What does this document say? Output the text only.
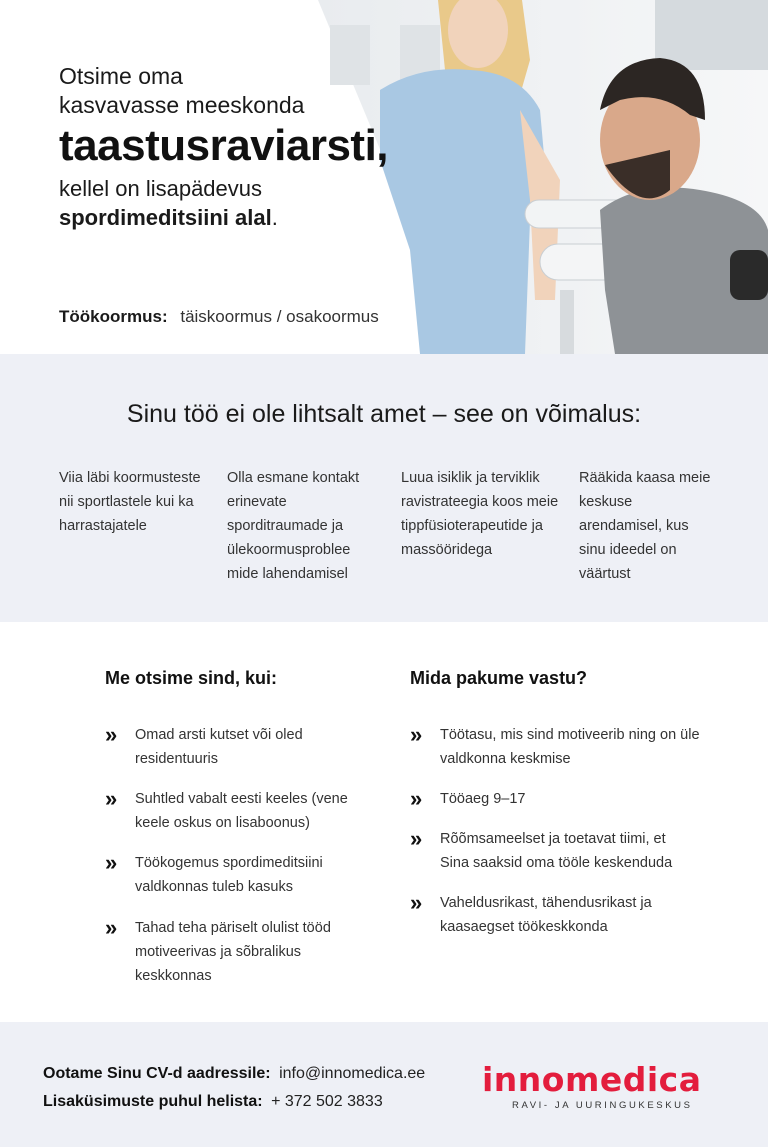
Otsime oma
kasvavasse meeskonda
taastusraviarsti,
kellel on lisapädevus
spordimeditsiini alal.
Töökoormus: täiskoormus / osakoormus
Sinu töö ei ole lihtsalt amet – see on võimalus:
Viia läbi koormusteste nii sportlastele kui ka harrastajatele
Olla esmane kontakt erinevate sporditraumade ja ülekoormusproblee mide lahendamisel
Luua isiklik ja terviklik ravistrateegia koos meie tippfüsioterapeutide ja massööridega
Rääkida kaasa meie keskuse arendamisel, kus sinu ideedel on väärtust
Me otsime sind, kui:
» Omad arsti kutset või oled residentuuris
» Suhtled vabalt eesti keeles (vene keele oskus on lisaboonus)
» Töökogemus spordimeditsiini valdkonnas tuleb kasuks
» Tahad teha päriselt olulist tööd motiveerivas ja sõbralikus keskkonnas
Mida pakume vastu?
» Töötasu, mis sind motiveerib ning on üle valdkonna keskmise
» Tööaeg 9–17
» Rõõmsameelset ja toetavat tiimi, et Sina saaksid oma tööle keskenduda
» Vaheldusrikast, tähendusrikast ja kaasaegset töökeskkonda
Ootame Sinu CV-d aadressile: info@innomedica.ee
Lisaküsimuste puhul helista: + 372 502 3833
innomedica
RAVI- JA UURINGUKESKUS
